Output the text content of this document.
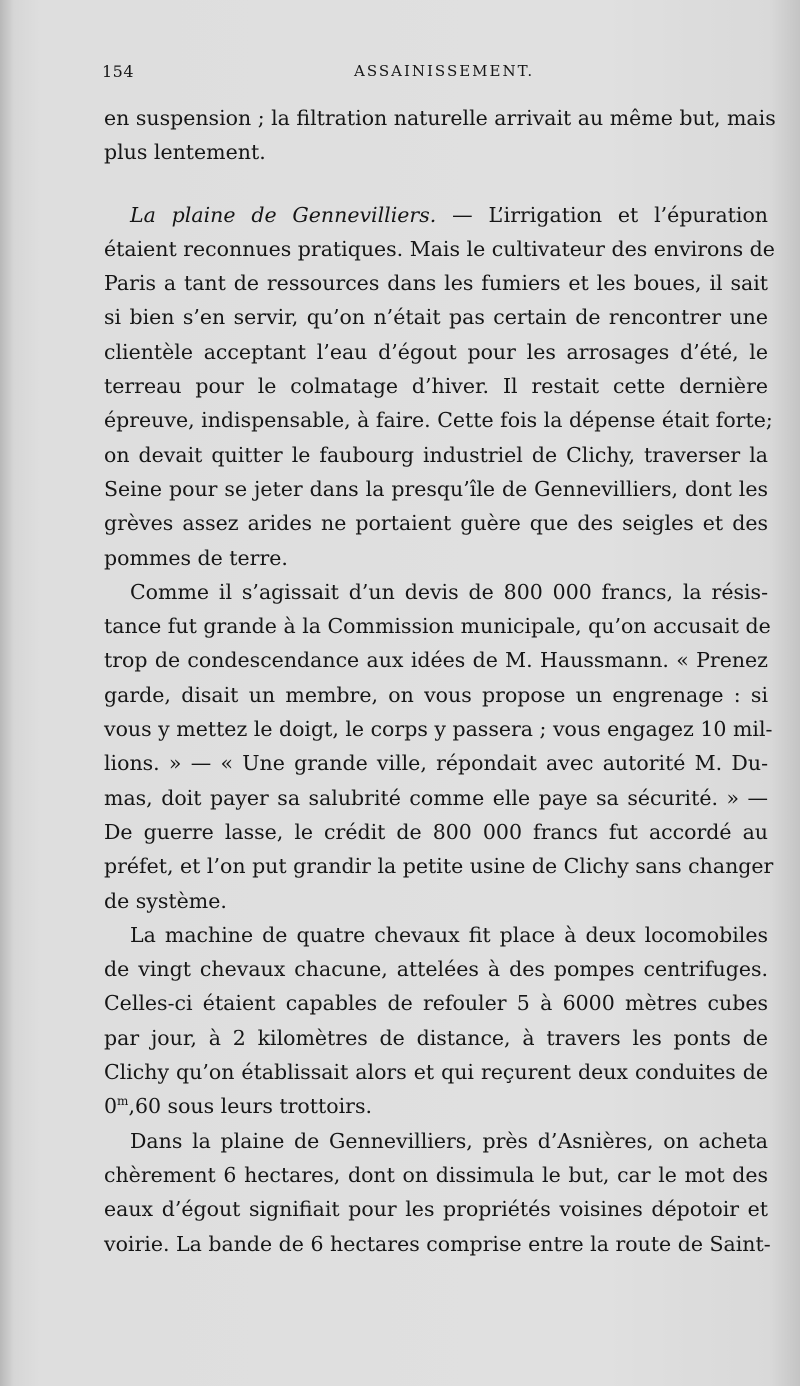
154	ASSAINISSEMENT.
en suspension ; la filtration naturelle arrivait au même but, mais
plus lentement.
La plaine de Gennevilliers. — L’irrigation et l’épuration
étaient reconnues pratiques. Mais le cultivateur des environs de
Paris a tant de ressources dans les fumiers et les boues, il sait
si bien s’en servir, qu’on n’était pas certain de rencontrer une
clientèle acceptant l’eau d’égout pour les arrosages d’été, le
terreau pour le colmatage d’hiver. Il restait cette dernière
épreuve, indispensable, à faire. Cette fois la dépense était forte;
on devait quitter le faubourg industriel de Clichy, traverser la
Seine pour se jeter dans la presqu’île de Gennevilliers, dont les
grèves assez arides ne portaient guère que des seigles et des
pommes de terre.
Comme il s’agissait d’un devis de 800 000 francs, la résis-
tance fut grande à la Commission municipale, qu’on accusait de
trop de condescendance aux idées de M. Haussmann. « Prenez
garde, disait un membre, on vous propose un engrenage : si
vous y mettez le doigt, le corps y passera ; vous engagez 10 mil-
lions. » — « Une grande ville, répondait avec autorité M. Du-
mas, doit payer sa salubrité comme elle paye sa sécurité. » —
De guerre lasse, le crédit de 800 000 francs fut accordé au
préfet, et l’on put grandir la petite usine de Clichy sans changer
de système.
La machine de quatre chevaux fit place à deux locomobiles
de vingt chevaux chacune, attelées à des pompes centrifuges.
Celles-ci étaient capables de refouler 5 à 6000 mètres cubes
par jour, à 2 kilomètres de distance, à travers les ponts de
Clichy qu’on établissait alors et qui reçurent deux conduites de
0$^m$,60 sous leurs trottoirs.
Dans la plaine de Gennevilliers, près d’Asnières, on acheta
chèrement 6 hectares, dont on dissimula le but, car le mot des
eaux d’égout signifiait pour les propriétés voisines dépotoir et
voirie. La bande de 6 hectares comprise entre la route de Saint-
